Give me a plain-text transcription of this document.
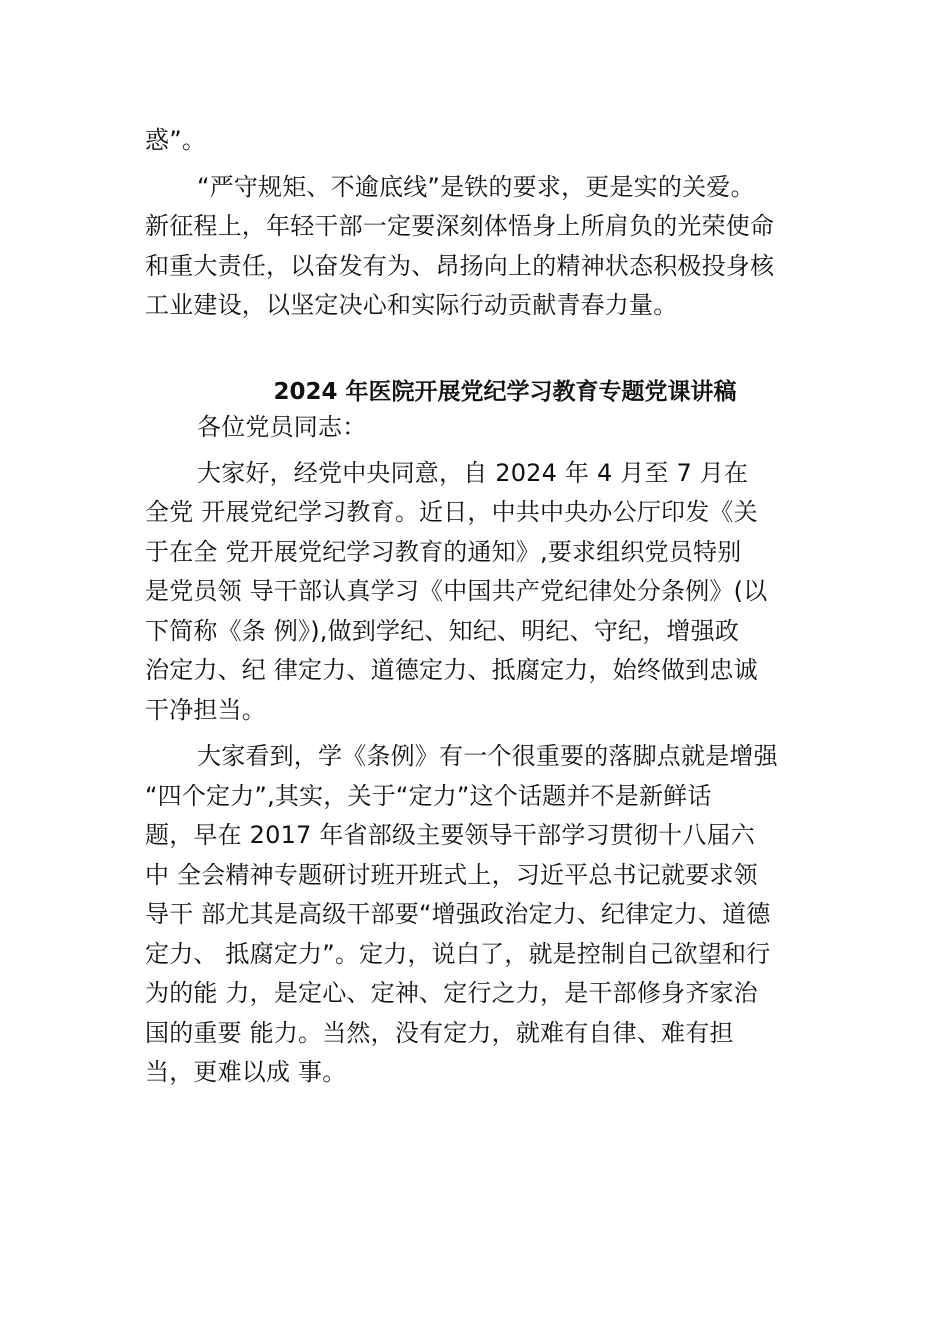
惑”。

“严守规矩、不逾底线”是铁的要求，更是实的关爱。
新征程上，年轻干部一定要深刻体悟身上所肩负的光荣使命
和重大责任，以奋发有为、昂扬向上的精神状态积极投身核
工业建设，以坚定决心和实际行动贡献青春力量。

2024 年医院开展党纪学习教育专题党课讲稿

各位党员同志：

大家好，经党中央同意，自 2024 年 4 月至 7 月在
全党 开展党纪学习教育。近日，中共中央办公厅印发《关
于在全 党开展党纪学习教育的通知》,要求组织党员特别
是党员领 导干部认真学习《中国共产党纪律处分条例》(以
下简称《条 例》),做到学纪、知纪、明纪、守纪，增强政
治定力、纪 律定力、道德定力、抵腐定力，始终做到忠诚
干净担当。

大家看到，学《条例》有一个很重要的落脚点就是增强
“四个定力”,其实，关于“定力”这个话题并不是新鲜话
题，早在 2017 年省部级主要领导干部学习贯彻十八届六
中 全会精神专题研讨班开班式上，习近平总书记就要求领
导干 部尤其是高级干部要“增强政治定力、纪律定力、道德
定力、 抵腐定力”。定力，说白了，就是控制自己欲望和行
为的能 力，是定心、定神、定行之力，是干部修身齐家治
国的重要 能力。当然，没有定力，就难有自律、难有担
当，更难以成 事。
